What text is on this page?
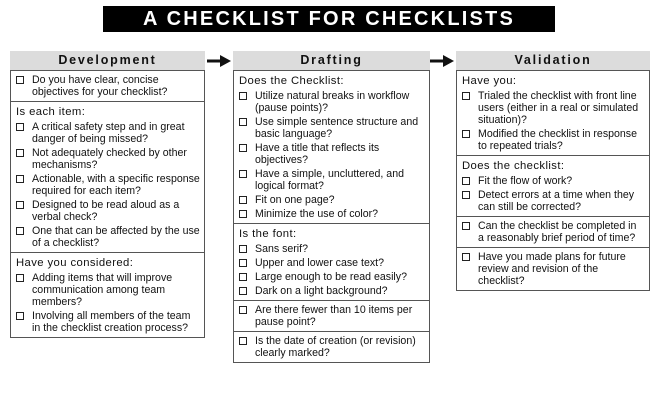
A CHECKLIST FOR CHECKLISTS
Development
Do you have clear, concise objectives for your checklist?
Is each item:
A critical safety step and in great danger of being missed?
Not adequately checked by other mechanisms?
Actionable, with a specific response required for each item?
Designed to be read aloud as a verbal check?
One that can be affected by the use of a checklist?
Have you considered:
Adding items that will improve communication among team members?
Involving all members of the team in the checklist creation process?
Drafting
Does the Checklist:
Utilize natural breaks in workflow (pause points)?
Use simple sentence structure and basic language?
Have a title that reflects its objectives?
Have a simple, uncluttered, and logical format?
Fit on one page?
Minimize the use of color?
Is the font:
Sans serif?
Upper and lower case text?
Large enough to be read easily?
Dark on a light background?
Are there fewer than 10 items per pause point?
Is the date of creation (or revision) clearly marked?
Validation
Have you:
Trialed the checklist with front line users (either in a real or simulated situation)?
Modified the checklist in response to repeated trials?
Does the checklist:
Fit the flow of work?
Detect errors at a time when they can still be corrected?
Can the checklist be completed in a reasonably brief period of time?
Have you made plans for future review and revision of the checklist?
